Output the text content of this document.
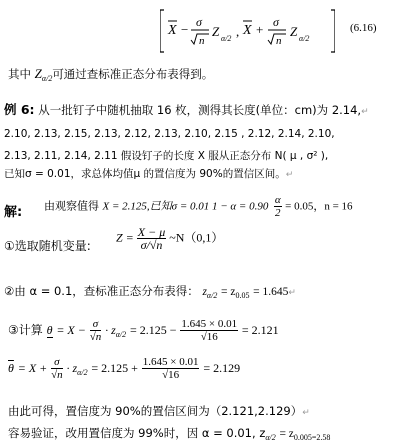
X − σ
n
Z α/2 , X + σ
n
Z α/2
(6.16)
其中 $Z_{\alpha/2}$可通过查标准正态分布表得到。
例 6: 从一批钉子中随机抽取 16 枚，测得其长度(单位：cm)为 2.14,↵
2.10, 2.13, 2.15, 2.13, 2.12, 2.13, 2.10, 2.15 , 2.12, 2.14, 2.10,
2.13, 2.11, 2.14, 2.11 假设钉子的长度 X 服从正态分布 N( μ , σ² ),
已知σ = 0.01，求总体均值μ 的置信度为 90%的置信区间。↵
解: 由观察值得 X = 2.125,已知σ = 0.01 $1 - \alpha = 0.90 \frac{\alpha}{2} = 0.05$，n = 16
①选取随机变量:
$Z = \frac{X - \mu}{\sigma/√n}$ ~N（0,1）
②由 α = 0.1，查标准正态分布表得： $z_{\alpha/2} = z_{0.05}$ = 1.645↵
③计算 $\theta = X - \frac{\sigma}{√n} \cdot z_{\alpha/2} = 2.125 - \frac{1.645 \times 0.01}{√16} = 2.121$
$\overline{\theta} = X + \frac{\sigma}{√n} \cdot z_{\alpha/2} = 2.125 + \frac{1.645 \times 0.01}{√16} = 2.129$
由此可得，置信度为 90%的置信区间为（2.121,2.129）↵
容易验证，改用置信度为 99%时，因 α = 0.01, $z_{\alpha/2} = z_{0.005=2.58}$
